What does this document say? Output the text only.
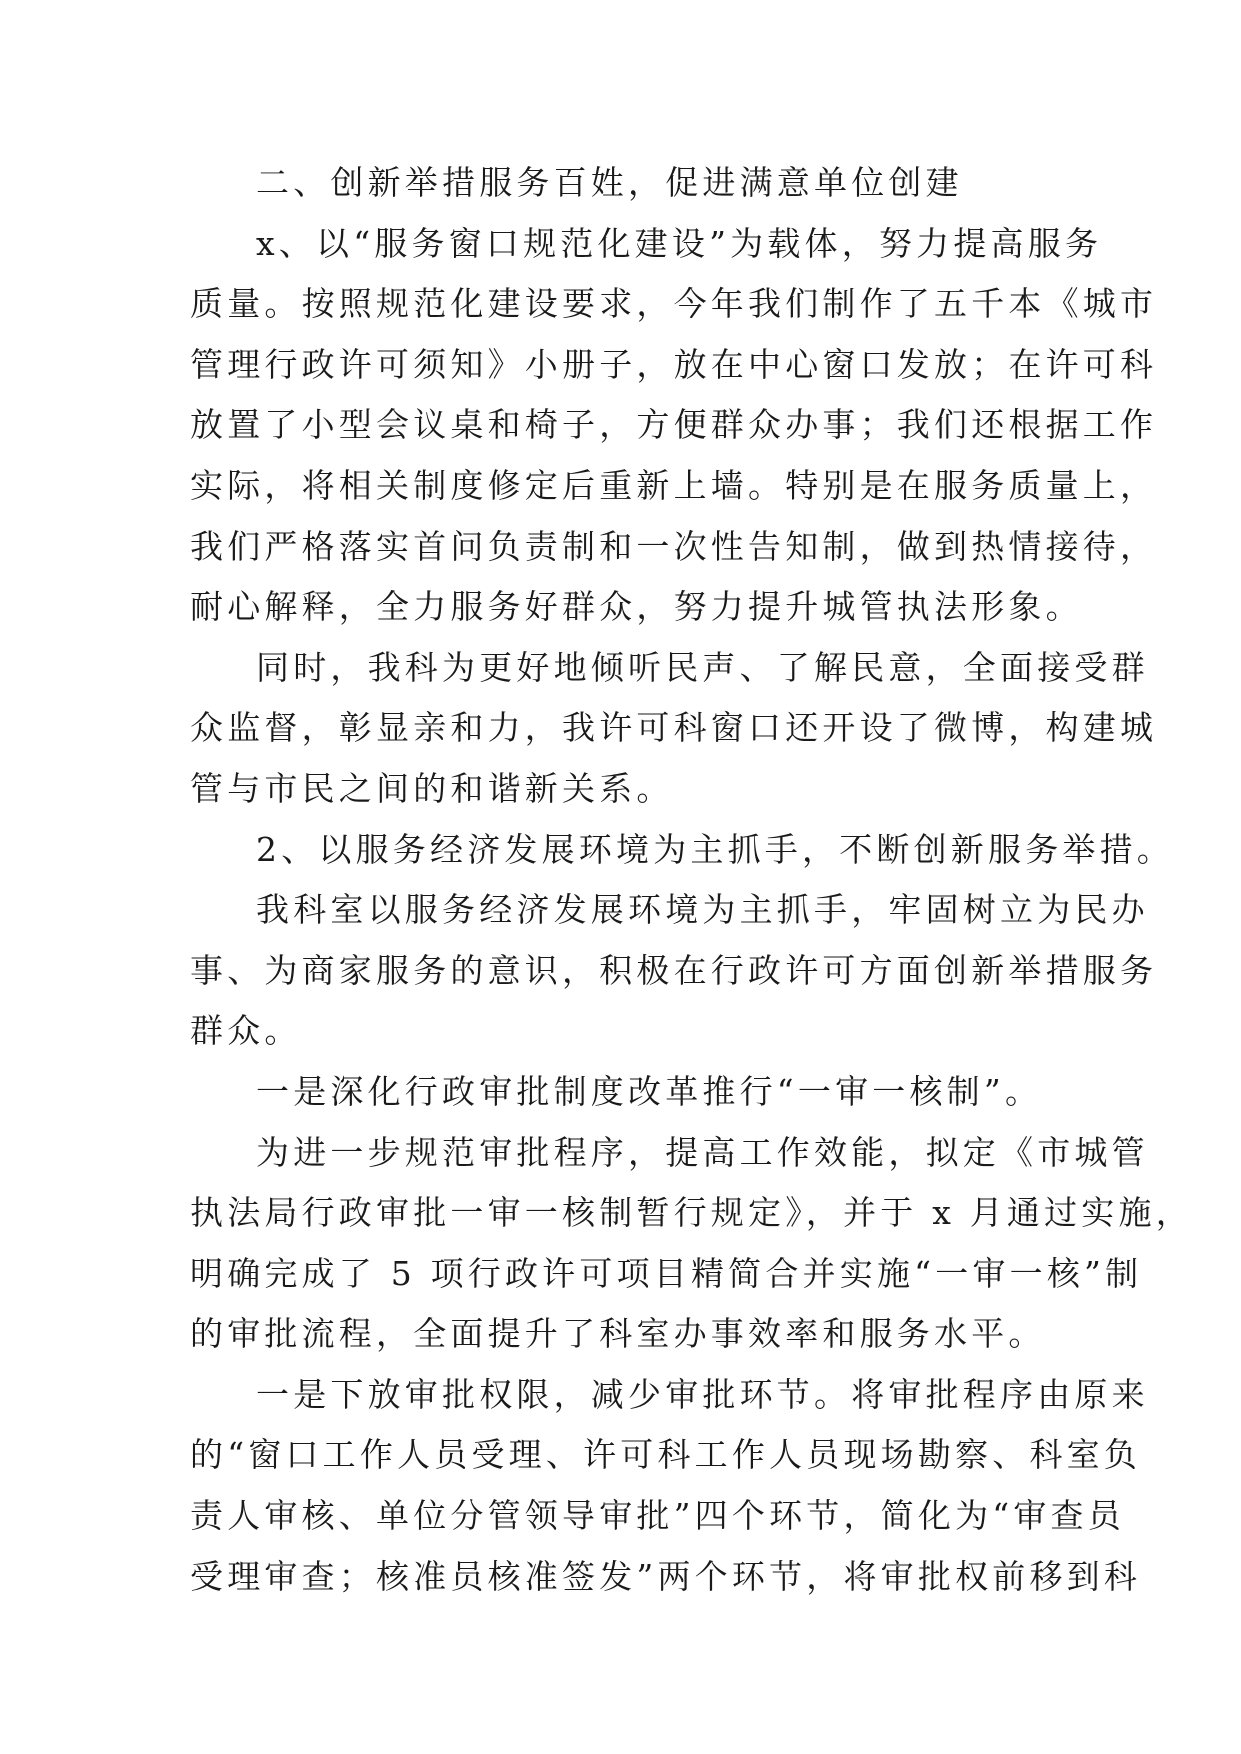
二、创新举措服务百姓，促进满意单位创建
x、以“服务窗口规范化建设”为载体，努力提高服务
质量。按照规范化建设要求，今年我们制作了五千本《城市
管理行政许可须知》小册子，放在中心窗口发放；在许可科
放置了小型会议桌和椅子，方便群众办事；我们还根据工作
实际，将相关制度修定后重新上墙。特别是在服务质量上，
我们严格落实首问负责制和一次性告知制，做到热情接待，
耐心解释，全力服务好群众，努力提升城管执法形象。
同时，我科为更好地倾听民声、了解民意，全面接受群
众监督，彰显亲和力，我许可科窗口还开设了微博，构建城
管与市民之间的和谐新关系。
2、以服务经济发展环境为主抓手，不断创新服务举措。
我科室以服务经济发展环境为主抓手，牢固树立为民办
事、为商家服务的意识，积极在行政许可方面创新举措服务
群众。
一是深化行政审批制度改革推行“一审一核制”。
为进一步规范审批程序，提高工作效能，拟定《市城管
执法局行政审批一审一核制暂行规定》，并于 x 月通过实施，
明确完成了 5 项行政许可项目精简合并实施“一审一核”制
的审批流程，全面提升了科室办事效率和服务水平。
一是下放审批权限，减少审批环节。将审批程序由原来
的“窗口工作人员受理、许可科工作人员现场勘察、科室负
责人审核、单位分管领导审批”四个环节，简化为“审查员
受理审查；核准员核准签发”两个环节，将审批权前移到科
